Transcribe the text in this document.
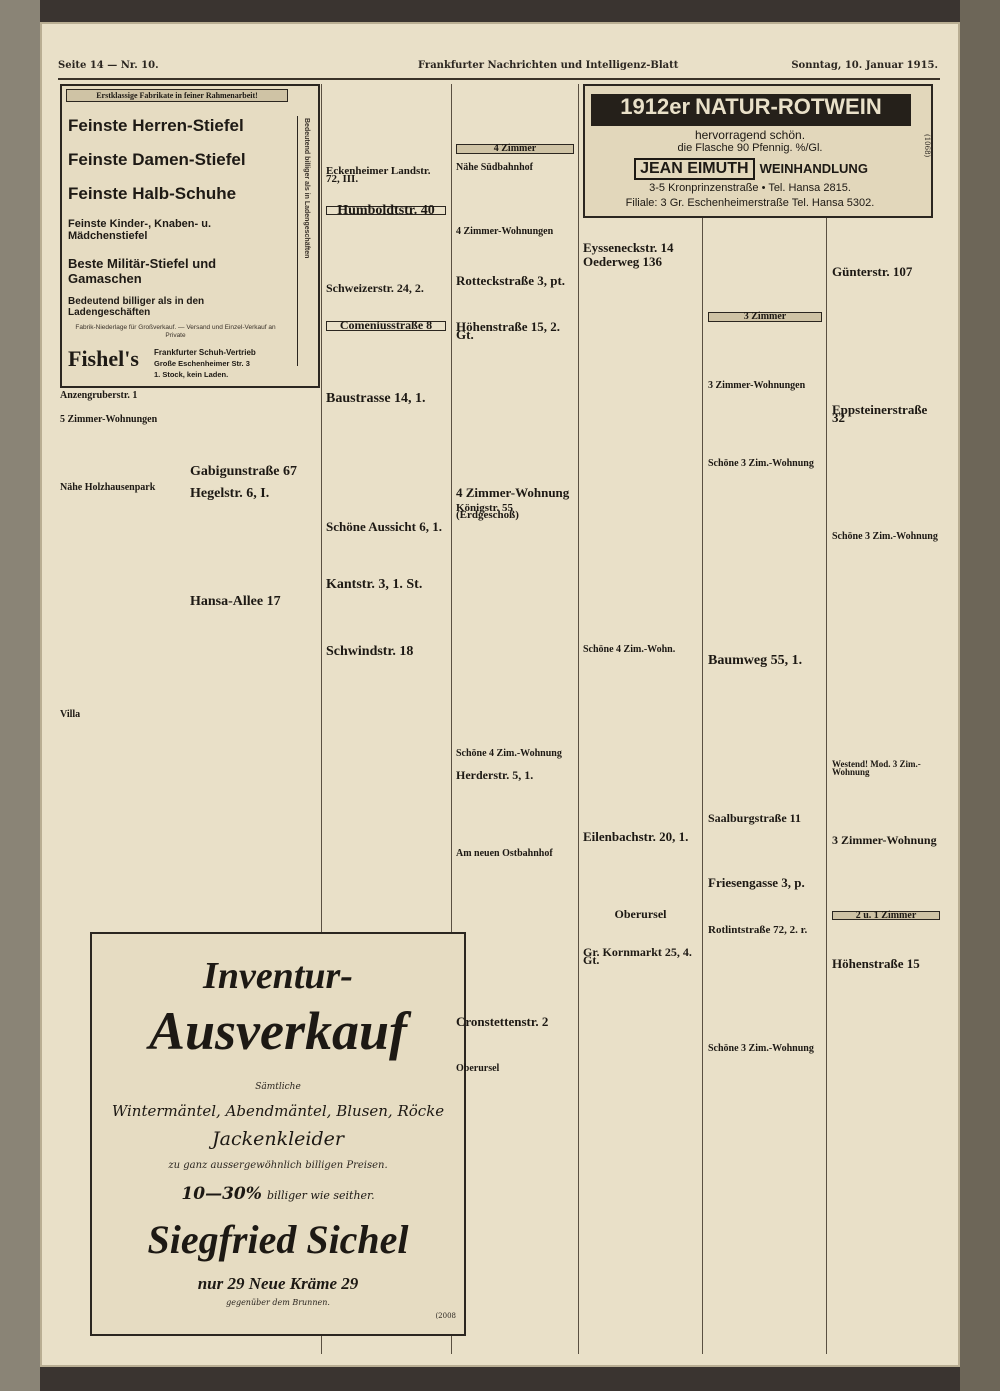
Seite 14 — Nr. 10.	Frankfurter Nachrichten und Intelligenz-Blatt	Sonntag, 10. Januar 1915.
Erstklassige Fabrikate in feiner Rahmenarbeit!
Feinste Herren-Stiefel
Feinste Damen-Stiefel
Feinste Halb-Schuhe
Feinste Kinder-, Knaben- u. Mädchenstiefel
Beste Militär-Stiefel und Gamaschen
Bedeutend billiger als in den Ladengeschäften
Fabrik-Niederlage für Großverkauf. — Versand und Einzel-Verkauf an Private
Fishel's Frankfurter Schuh-Vertrieb
Große Eschenheimer Str. 3
1. Stock, kein Laden.
Bedeutend billiger als in Ladengeschäften
Anzengruberstr. 1
5 Zimmer-Wohnungen
Nähe Holzhausenpark
Villa
Gabigunstraße 67
Hegelstr. 6, I.
Hansa-Allee 17
Inventur-
Ausverkauf
Sämtliche
Wintermäntel, Abendmäntel, Blusen, Röcke
Jackenkleider
zu ganz aussergewöhnlich billigen Preisen.
10—30% billiger wie seither.
Siegfried Sichel
nur 29 Neue Kräme 29
gegenüber dem Brunnen.
(2008
Eckenheimer Landstr. 72, III.
Humboldtstr. 40
Schweizerstr. 24, 2.
Comeniusstraße 8
Baustrasse 14, 1.
Schöne Aussicht 6, 1.
Kantstr. 3, 1. St.
Schwindstr. 18
4 Zimmer
Nähe Südbahnhof
4 Zimmer-Wohnungen
Rotteckstraße 3, pt.
Höhenstraße 15, 2. Gt.
4 Zimmer-Wohnung
Königstr. 55 (Erdgeschoß)
Schöne 4 Zim.-Wohnung
Herderstr. 5, 1.
Am neuen Ostbahnhof
Cronstettenstr. 2
Oberursel
1912er NATUR-ROTWEIN
hervorragend schön.
die Flasche 90 Pfennig. %/Gl.
JEAN EIMUTH WEINHANDLUNG
3-5 Kronprinzenstraße • Tel. Hansa 2815.
Filiale: 3 Gr. Eschenheimerstraße Tel. Hansa 5302.
(1068)
Eysseneckstr. 14
Oederweg 136
Schöne 4 Zim.-Wohn.
Eilenbachstr. 20, 1.
Oberursel
Gr. Kornmarkt 25, 4. Gt.
3 Zimmer
3 Zimmer-Wohnungen
Schöne 3 Zim.-Wohnung
Baumweg 55, 1.
Saalburgstraße 11
Friesengasse 3, p.
Rotlintstraße 72, 2. r.
Schöne 3 Zim.-Wohnung
Günterstr. 107
Eppsteinerstraße 32
Schöne 3 Zim.-Wohnung
Westend! Mod. 3 Zim.-Wohnung
3 Zimmer-Wohnung
2 u. 1 Zimmer
Höhenstraße 15
